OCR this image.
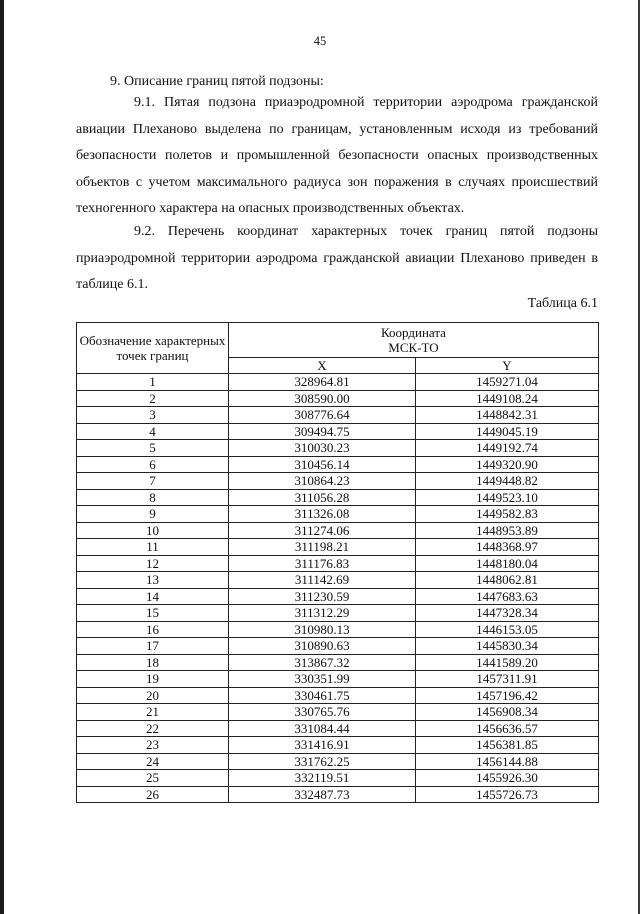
45
9. Описание границ пятой подзоны:

9.1. Пятая подзона приаэродромной территории аэродрома гражданской авиации Плеханово выделена по границам, установленным исходя из требований безопасности полетов и промышленной безопасности опасных производственных объектов с учетом максимального радиуса зон поражения в случаях происшествий техногенного характера на опасных производственных объектах.

9.2. Перечень координат характерных точек границ пятой подзоны приаэродромной территории аэродрома гражданской авиации Плеханово приведен в таблице 6.1.

Таблица 6.1
Обозначение характерных точек границ	Координата
МСК-ТО	

	X	Y
1	328964.81	1459271.04
2	308590.00	1449108.24
3	308776.64	1448842.31
4	309494.75	1449045.19
5	310030.23	1449192.74
6	310456.14	1449320.90
7	310864.23	1449448.82
8	311056.28	1449523.10
9	311326.08	1449582.83
10	311274.06	1448953.89
11	311198.21	1448368.97
12	311176.83	1448180.04
13	311142.69	1448062.81
14	311230.59	1447683.63
15	311312.29	1447328.34
16	310980.13	1446153.05
17	310890.63	1445830.34
18	313867.32	1441589.20
19	330351.99	1457311.91
20	330461.75	1457196.42
21	330765.76	1456908.34
22	331084.44	1456636.57
23	331416.91	1456381.85
24	331762.25	1456144.88
25	332119.51	1455926.30
26	332487.73	1455726.73
